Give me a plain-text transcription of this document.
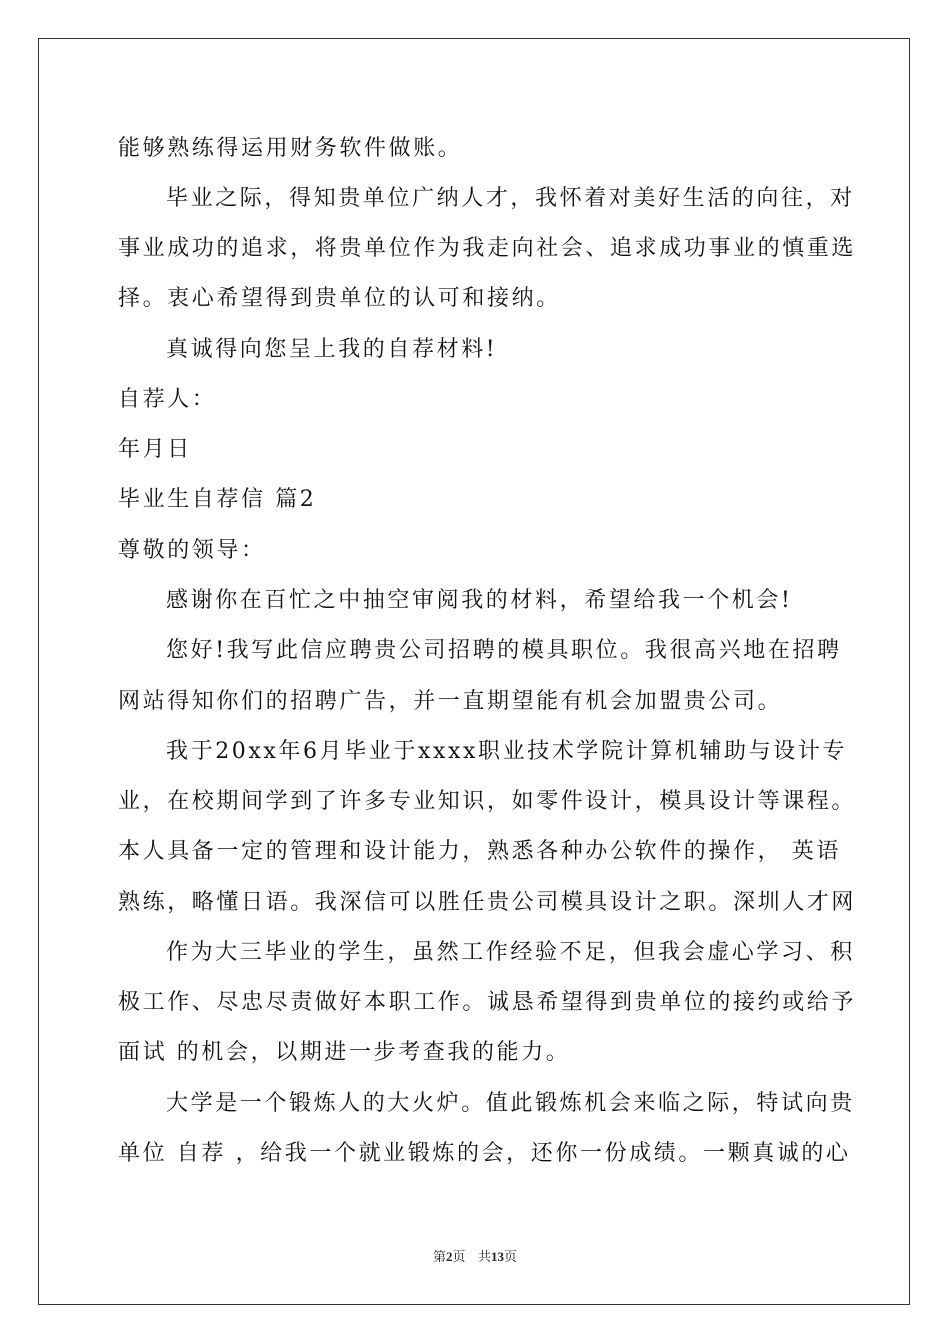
能够熟练得运用财务软件做账。
毕业之际，得知贵单位广纳人才，我怀着对美好生活的向往，对
事业成功的追求，将贵单位作为我走向社会、追求成功事业的慎重选
择。衷心希望得到贵单位的认可和接纳。
真诚得向您呈上我的自荐材料!
自荐人：
年月日
毕业生自荐信 篇2
尊敬的领导：
感谢你在百忙之中抽空审阅我的材料，希望给我一个机会!
您好!我写此信应聘贵公司招聘的模具职位。我很高兴地在招聘
网站得知你们的招聘广告，并一直期望能有机会加盟贵公司。
我于20xx年6月毕业于xxxx职业技术学院计算机辅助与设计专
业，在校期间学到了许多专业知识，如零件设计，模具设计等课程。
本人具备一定的管理和设计能力，熟悉各种办公软件的操作， 英语
熟练，略懂日语。我深信可以胜任贵公司模具设计之职。深圳人才网
作为大三毕业的学生，虽然工作经验不足，但我会虚心学习、积
极工作、尽忠尽责做好本职工作。诚恳希望得到贵单位的接约或给予
面试 的机会，以期进一步考查我的能力。
大学是一个锻炼人的大火炉。值此锻炼机会来临之际，特试向贵
单位 自荐 ，给我一个就业锻炼的会，还你一份成绩。一颗真诚的心
第2页 共13页
